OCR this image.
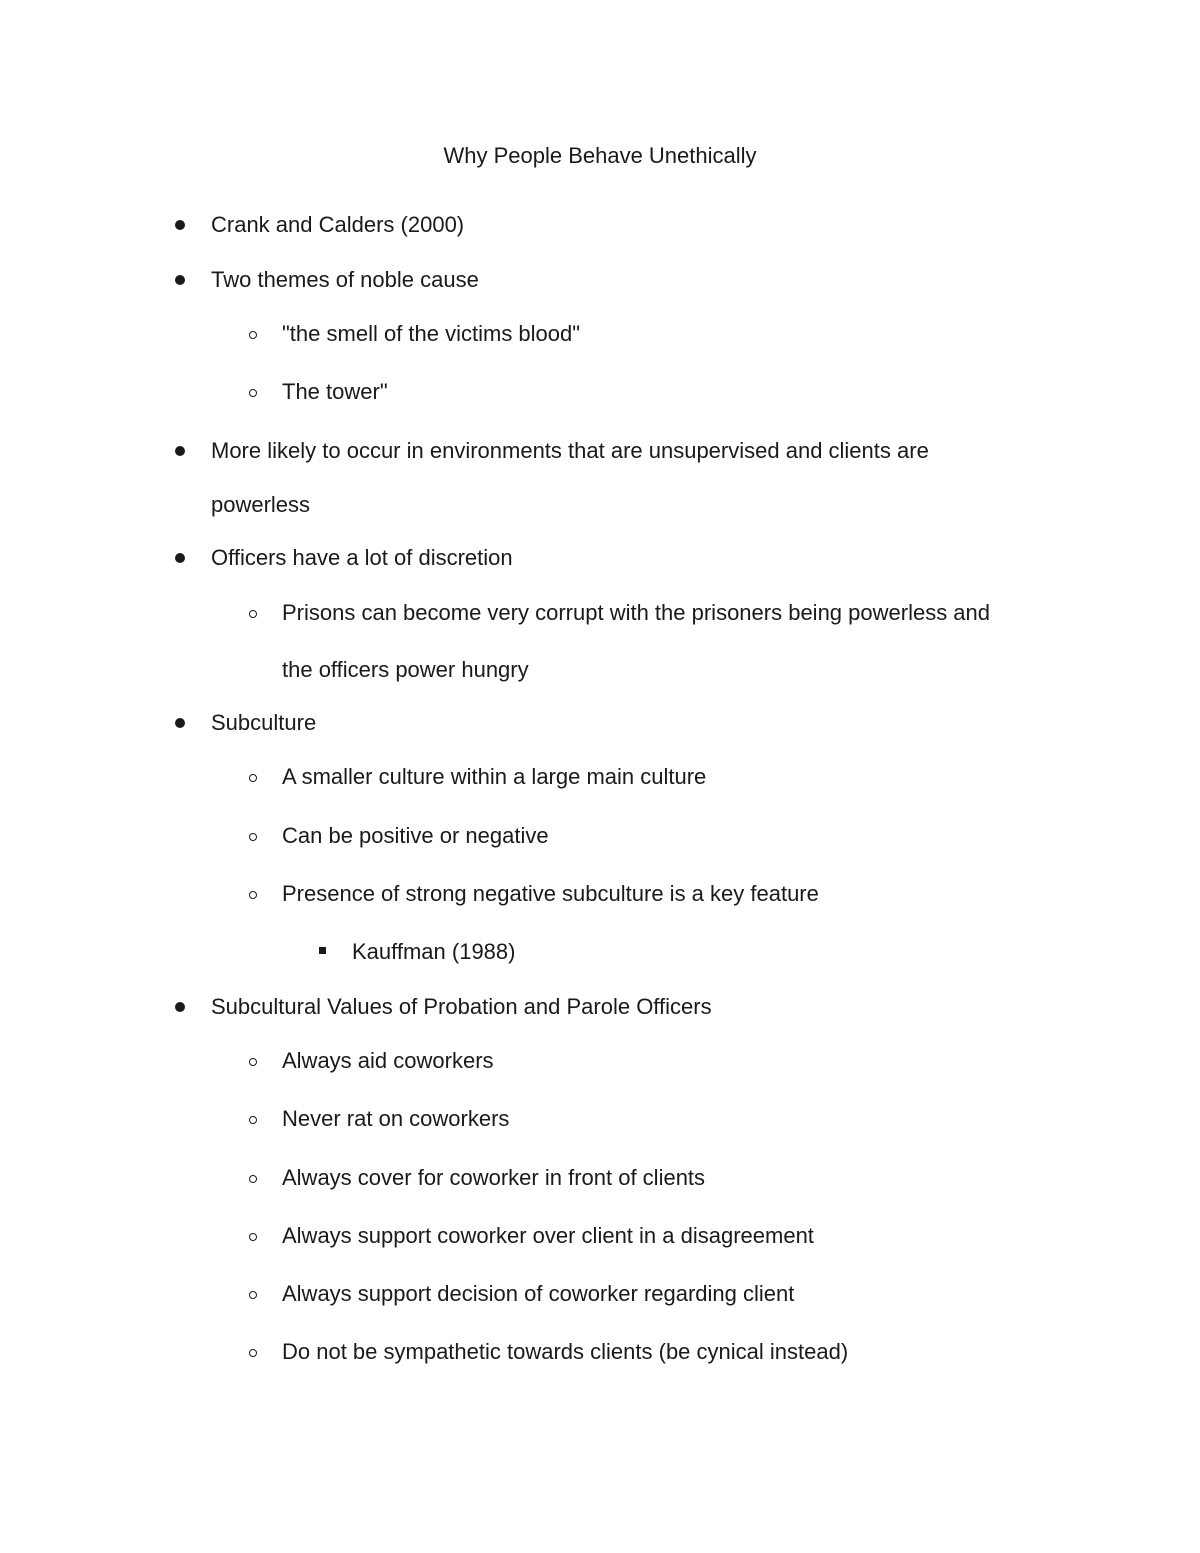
Why People Behave Unethically
Crank and Calders (2000)
Two themes of noble cause
"the smell of the victims blood"
The tower"
More likely to occur in environments that are unsupervised and clients are
powerless
Officers have a lot of discretion
Prisons can become very corrupt with the prisoners being powerless and
the officers power hungry
Subculture
A smaller culture within a large main culture
Can be positive or negative
Presence of strong negative subculture is a key feature
Kauffman (1988)
Subcultural Values of Probation and Parole Officers
Always aid coworkers
Never rat on coworkers
Always cover for coworker in front of clients
Always support coworker over client in a disagreement
Always support decision of coworker regarding client
Do not be sympathetic towards clients (be cynical instead)
